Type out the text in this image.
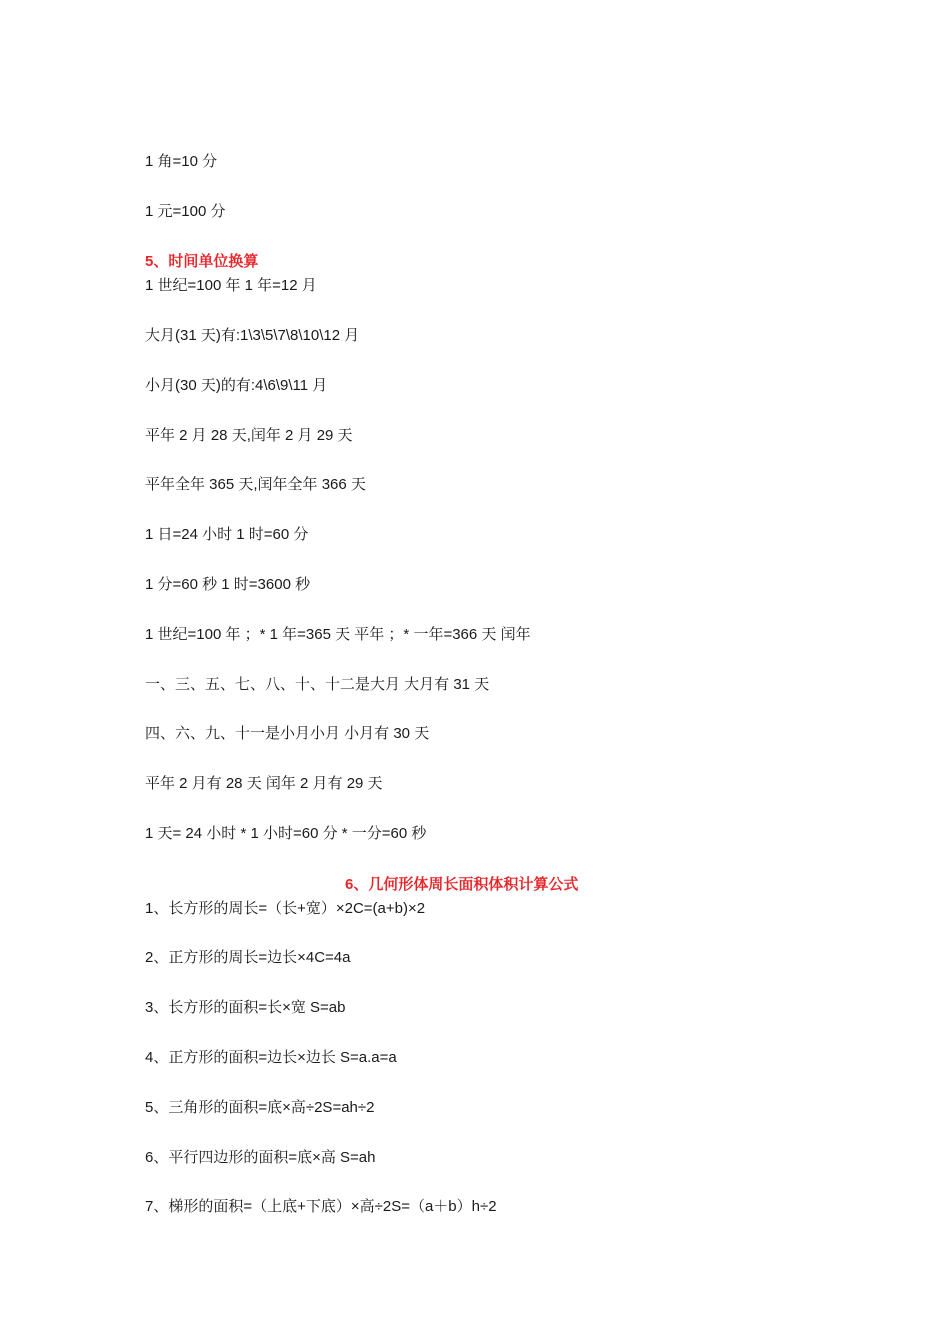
1 角=10 分
1 元=100 分
5、时间单位换算
1 世纪=100 年 1 年=12 月
大月(31 天)有:1\3\5\7\8\10\12 月
小月(30 天)的有:4\6\9\11 月
平年 2 月 28 天,闰年 2 月 29 天
平年全年 365 天,闰年全年 366 天
1 日=24 小时 1 时=60 分
1 分=60 秒 1 时=3600 秒
1 世纪=100 年 ；* 1 年=365 天 平年 ；* 一年=366 天 闰年
一、三、五、七、八、十、十二是大月 大月有 31 天
四、六、九、十一是小月小月 小月有 30 天
平年 2 月有 28 天 闰年 2 月有 29 天
1 天= 24 小时 * 1 小时=60 分 * 一分=60 秒
6、几何形体周长面积体积计算公式
1、长方形的周长=（长+宽）×2C=(a+b)×2
2、正方形的周长=边长×4C=4a
3、长方形的面积=长×宽 S=ab
4、正方形的面积=边长×边长 S=a.a=a
5、三角形的面积=底×高÷2S=ah÷2
6、平行四边形的面积=底×高 S=ah
7、梯形的面积=（上底+下底）×高÷2S=（a＋b）h÷2
